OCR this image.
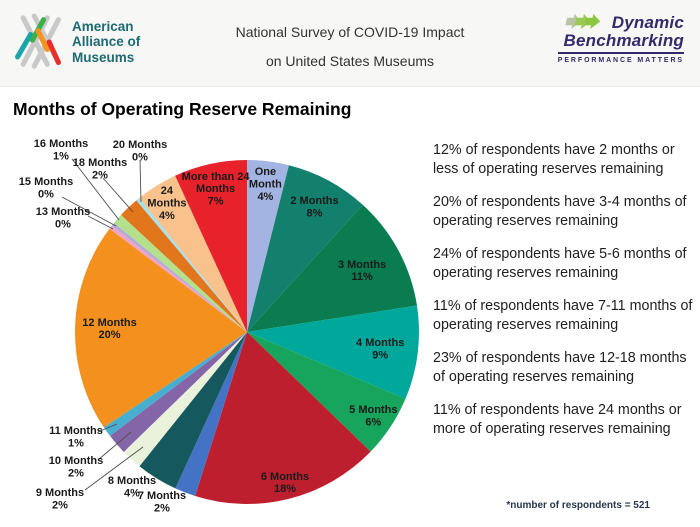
American
Alliance of
Museums
National Survey of COVID-19 Impact
on United States Museums
Dynamic
Benchmarking
PERFORMANCE MATTERS
Months of Operating Reserve Remaining
One Month 4%	2 Months 8%
3 Months 11%
4 Months 9%
5 Months 6%
6 Months 18%
7 Months 2%
8 Months 4%
9 Months 2%
10 Months 2%
11 Months 1%
12 Months 20%
13 Months 0%
15 Months 0%
16 Months 1%
18 Months 2%
20 Months 0%
24 Months 4%
More than 24 Months 7%

12% of respondents have 2 months or less of operating reserves remaining

20% of respondents have 3-4 months of operating reserves remaining

24% of respondents have 5-6 months of operating reserves remaining

11% of respondents have 7-11 months of operating reserves remaining

23% of respondents have 12-18 months of operating reserves remaining

11% of respondents have 24 months or more of operating reserves remaining

*number of respondents = 521
